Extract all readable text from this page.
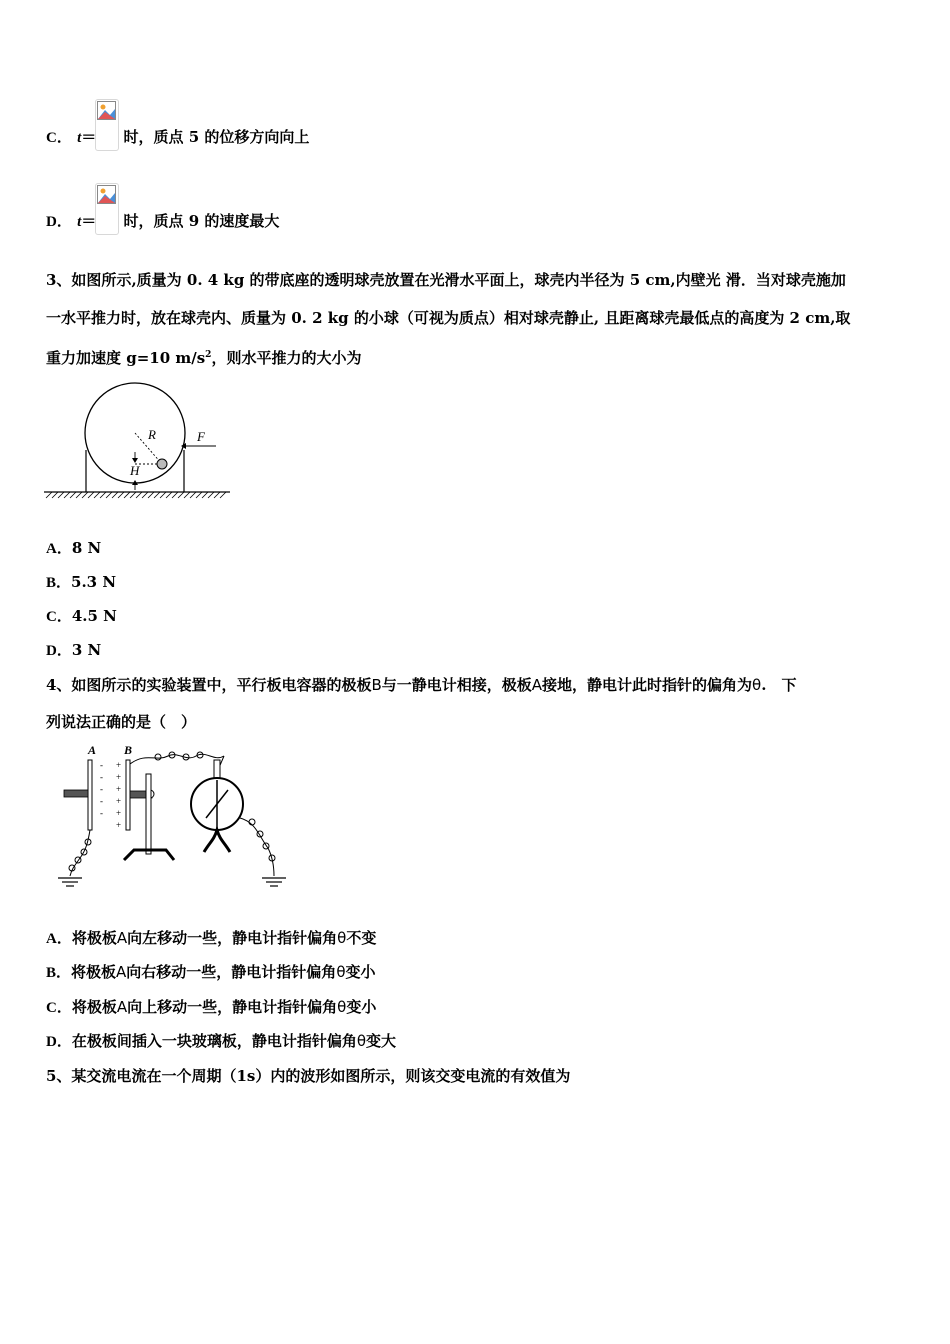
C． t＝ 时，质点 5 的位移方向向上
D． t＝ 时，质点 9 的速度最大
3、如图所示,质量为 0. 4 kg 的带底座的透明球壳放置在光滑水平面上，球壳内半径为 5 cm,内壁光 滑．当对球壳施加
一水平推力时，放在球壳内、质量为 0. 2 kg 的小球（可视为质点）相对球壳静止, 且距离球壳最低点的高度为 2 cm,取
重力加速度 g=10 $m/s^2$，则水平推力的大小为
R	F
H
A．8 N
B．5.3 N
C．4.5 N
D．3 N
4、如图所示的实验装置中，平行板电容器的极板B与一静电计相接，极板A接地，静电计此时指针的偏角为θ.　下
列说法正确的是（　）
A B
-
-
-
-
-
+
+
+
+
+
+
A．将极板A向左移动一些，静电计指针偏角θ不变
B．将极板A向右移动一些，静电计指针偏角θ变小
C．将极板A向上移动一些，静电计指针偏角θ变小
D．在极板间插入一块玻璃板，静电计指针偏角θ变大
5、某交流电流在一个周期（1s）内的波形如图所示，则该交变电流的有效值为
